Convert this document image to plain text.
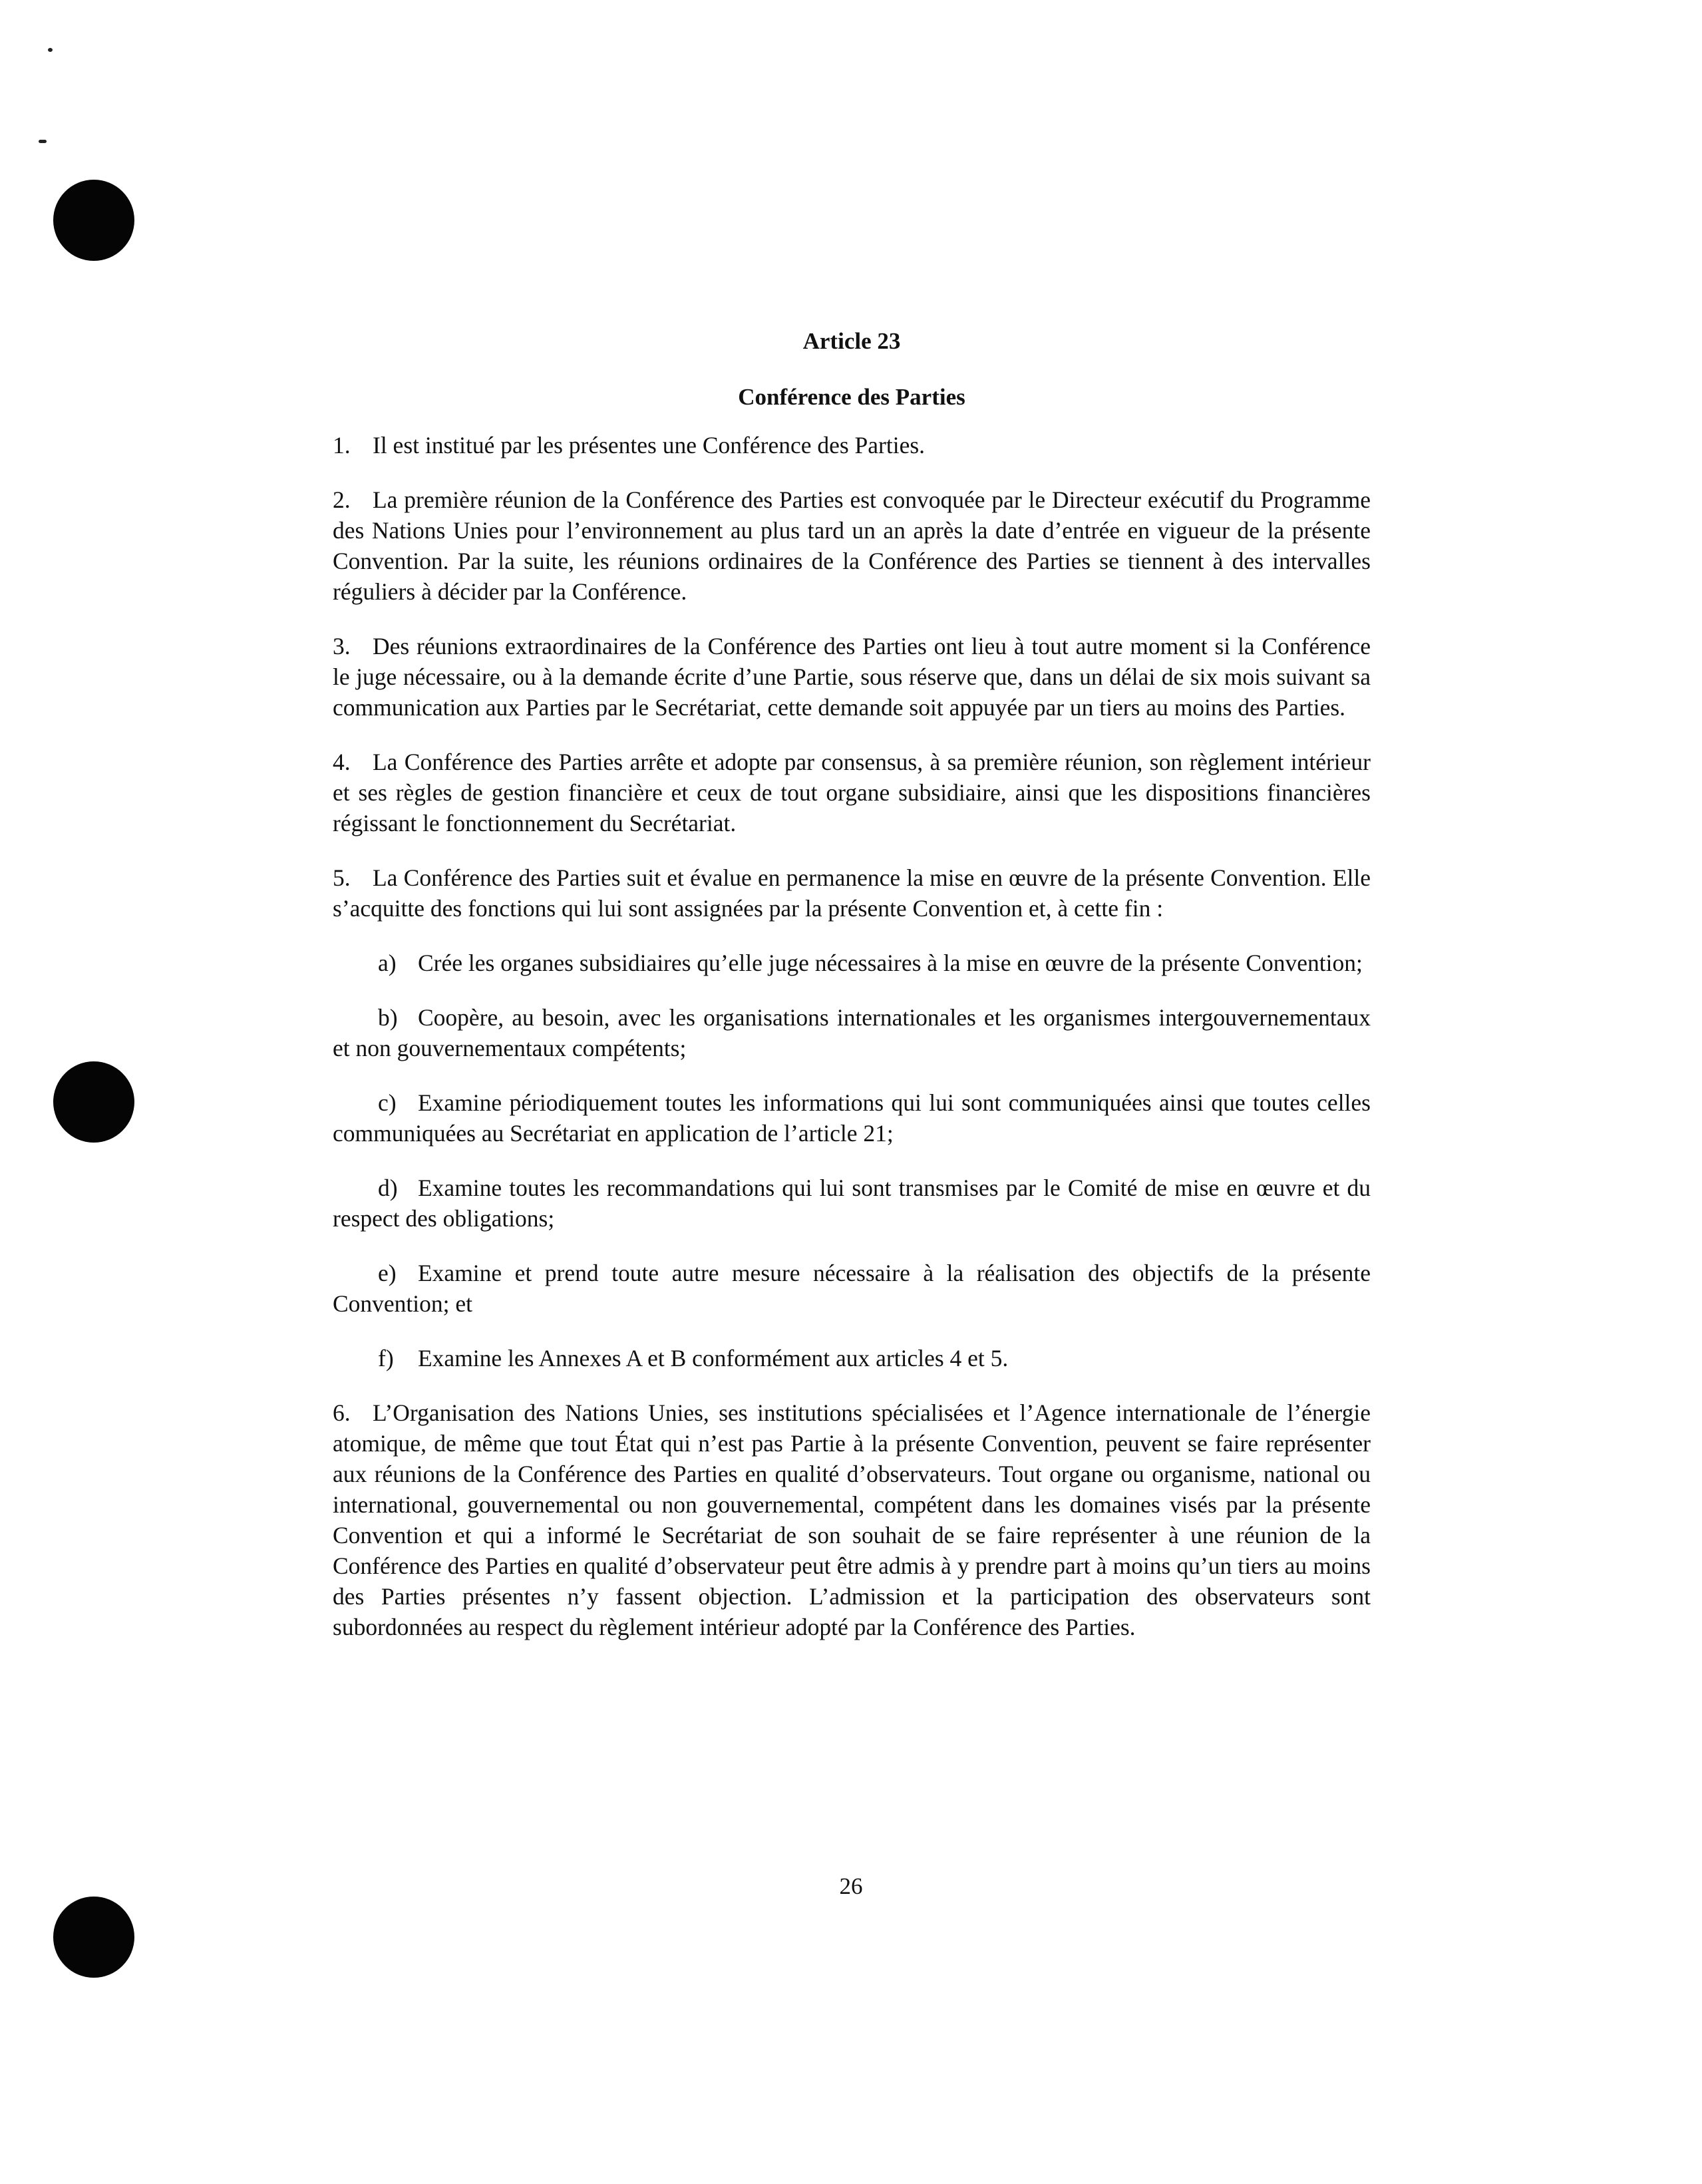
Article 23
Conférence des Parties

1. Il est institué par les présentes une Conférence des Parties.

2. La première réunion de la Conférence des Parties est convoquée par le Directeur exécutif du Programme des Nations Unies pour l’environnement au plus tard un an après la date d’entrée en vigueur de la présente Convention. Par la suite, les réunions ordinaires de la Conférence des Parties se tiennent à des intervalles réguliers à décider par la Conférence.

3. Des réunions extraordinaires de la Conférence des Parties ont lieu à tout autre moment si la Conférence le juge nécessaire, ou à la demande écrite d’une Partie, sous réserve que, dans un délai de six mois suivant sa communication aux Parties par le Secrétariat, cette demande soit appuyée par un tiers au moins des Parties.

4. La Conférence des Parties arrête et adopte par consensus, à sa première réunion, son règlement intérieur et ses règles de gestion financière et ceux de tout organe subsidiaire, ainsi que les dispositions financières régissant le fonctionnement du Secrétariat.

5. La Conférence des Parties suit et évalue en permanence la mise en œuvre de la présente Convention. Elle s’acquitte des fonctions qui lui sont assignées par la présente Convention et, à cette fin :

a) Crée les organes subsidiaires qu’elle juge nécessaires à la mise en œuvre de la présente Convention;

b) Coopère, au besoin, avec les organisations internationales et les organismes intergouvernementaux et non gouvernementaux compétents;

c) Examine périodiquement toutes les informations qui lui sont communiquées ainsi que toutes celles communiquées au Secrétariat en application de l’article 21;

d) Examine toutes les recommandations qui lui sont transmises par le Comité de mise en œuvre et du respect des obligations;

e) Examine et prend toute autre mesure nécessaire à la réalisation des objectifs de la présente Convention; et

f) Examine les Annexes A et B conformément aux articles 4 et 5.

6. L’Organisation des Nations Unies, ses institutions spécialisées et l’Agence internationale de l’énergie atomique, de même que tout État qui n’est pas Partie à la présente Convention, peuvent se faire représenter aux réunions de la Conférence des Parties en qualité d’observateurs. Tout organe ou organisme, national ou international, gouvernemental ou non gouvernemental, compétent dans les domaines visés par la présente Convention et qui a informé le Secrétariat de son souhait de se faire représenter à une réunion de la Conférence des Parties en qualité d’observateur peut être admis à y prendre part à moins qu’un tiers au moins des Parties présentes n’y fassent objection. L’admission et la participation des observateurs sont subordonnées au respect du règlement intérieur adopté par la Conférence des Parties.

26
